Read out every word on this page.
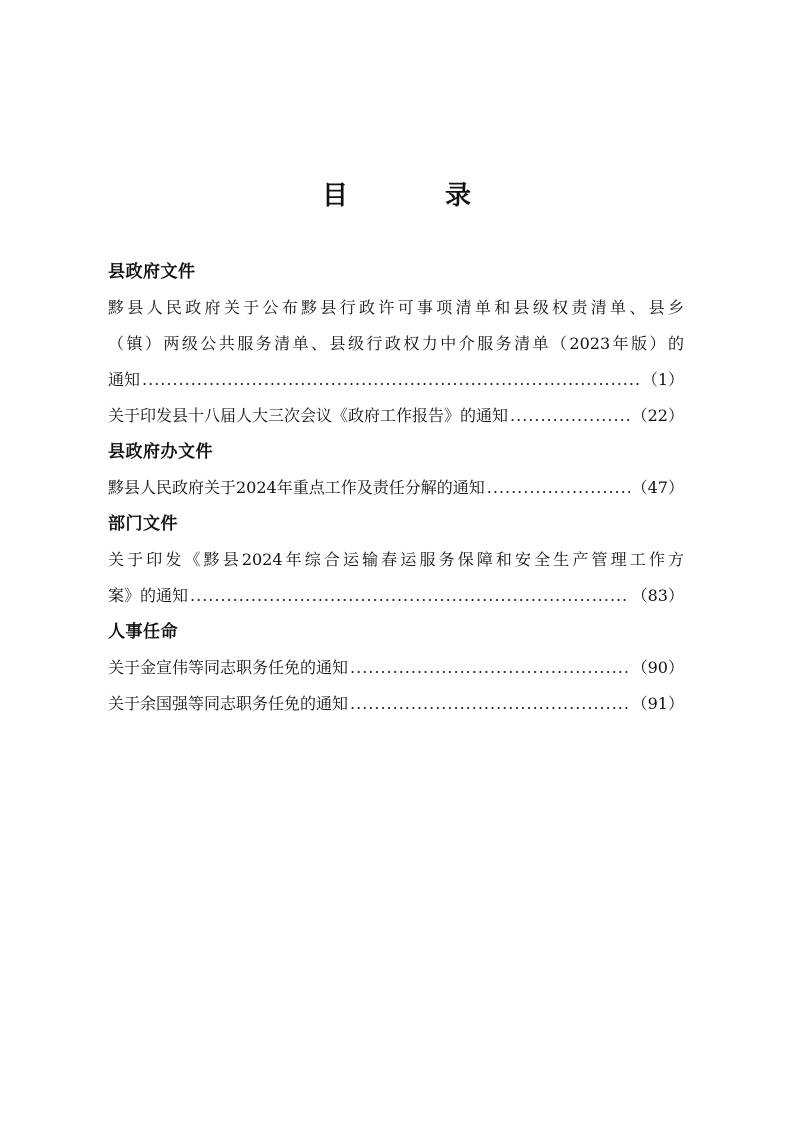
目 录
县政府文件
黟县人民政府关于公布黟县行政许可事项清单和县级权责清单、县乡
（镇）两级公共服务清单、县级行政权力中介服务清单（2023年版）的
通知 .....	（1）
关于印发县十八届人大三次会议《政府工作报告》的通知 .....	（22）
县政府办文件
黟县人民政府关于2024年重点工作及责任分解的通知 .....	（47）
部门文件
关于印发《黟县2024年综合运输春运服务保障和安全生产管理工作方
案》的通知 .....	（83）
人事任命
关于金宣伟等同志职务任免的通知 .....	（90）
关于余国强等同志职务任免的通知 .....	（91）
